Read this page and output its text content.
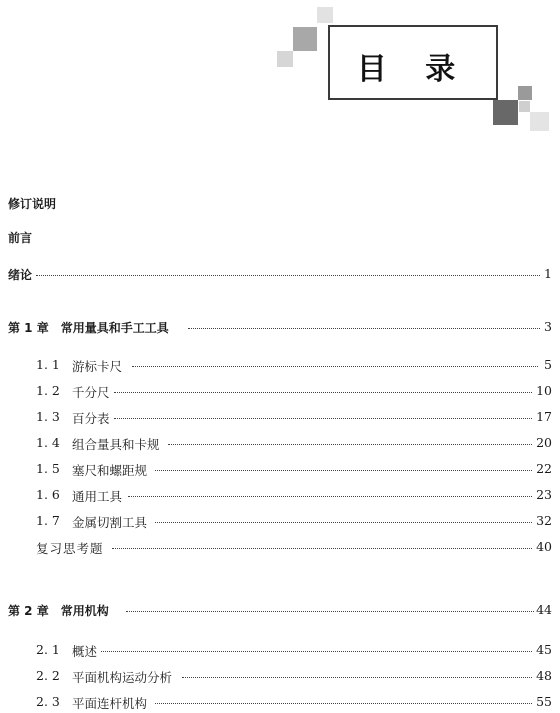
目 录
修订说明
前言
绪论	1
第 1 章　常用量具和手工工具	3
1. 1 游标卡尺	5
1. 2 千分尺	10
1. 3 百分表	17
1. 4 组合量具和卡规	20
1. 5 塞尺和螺距规	22
1. 6 通用工具	23
1. 7 金属切割工具	32
复习思考题	40
第 2 章　常用机构	44
2. 1 概述	45
2. 2 平面机构运动分析	48
2. 3 平面连杆机构	55
